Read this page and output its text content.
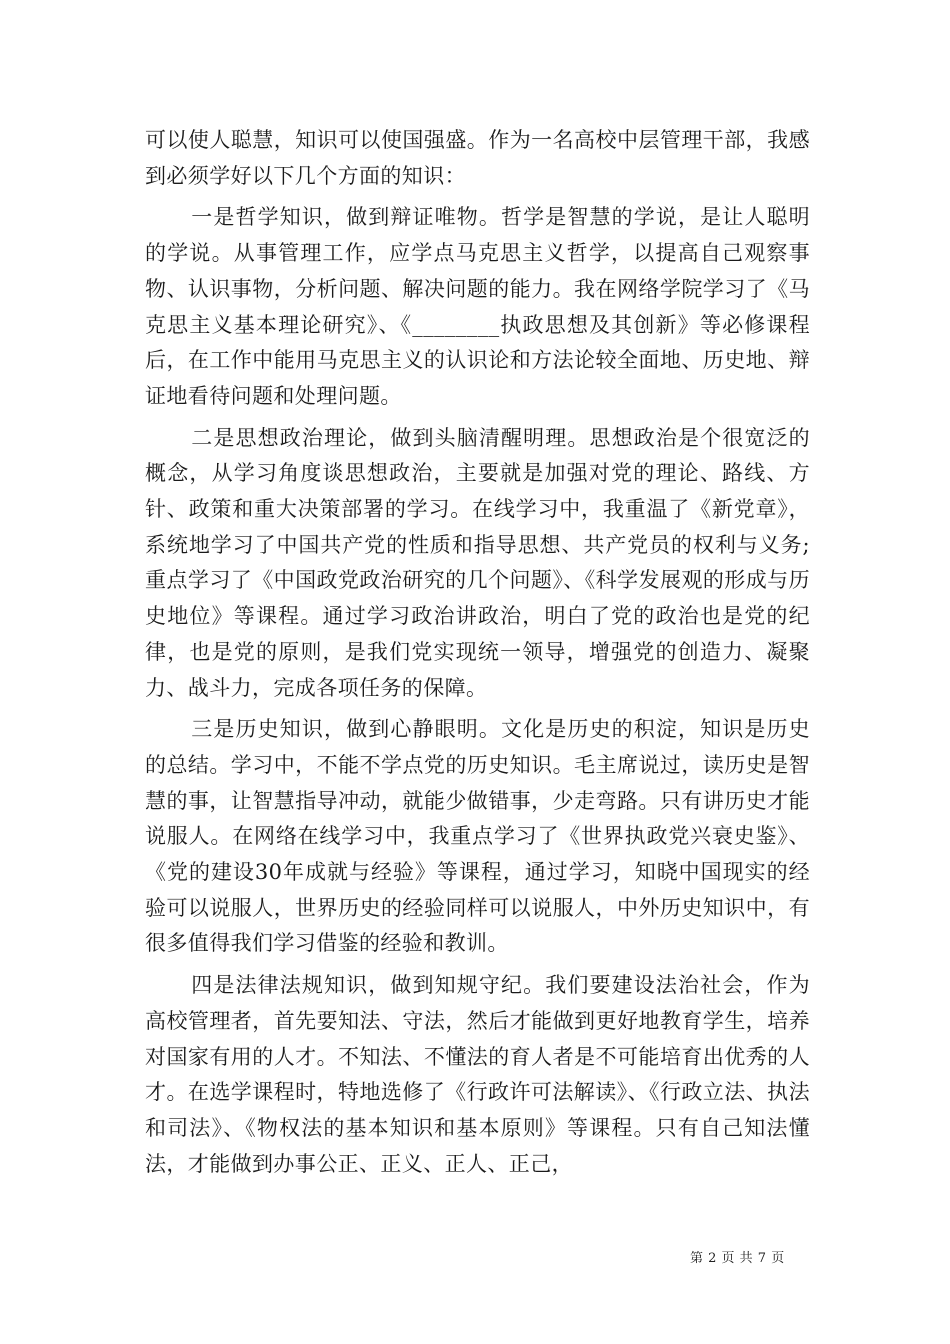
可以使人聪慧，知识可以使国强盛。作为一名高校中层管理干部，我感到必须学好以下几个方面的知识：

一是哲学知识，做到辩证唯物。哲学是智慧的学说，是让人聪明的学说。从事管理工作，应学点马克思主义哲学，以提高自己观察事物、认识事物，分析问题、解决问题的能力。我在网络学院学习了《马克思主义基本理论研究》、《________执政思想及其创新》等必修课程后，在工作中能用马克思主义的认识论和方法论较全面地、历史地、辩证地看待问题和处理问题。

二是思想政治理论，做到头脑清醒明理。思想政治是个很宽泛的概念，从学习角度谈思想政治，主要就是加强对党的理论、路线、方针、政策和重大决策部署的学习。在线学习中，我重温了《新党章》，系统地学习了中国共产党的性质和指导思想、共产党员的权利与义务;重点学习了《中国政党政治研究的几个问题》、《科学发展观的形成与历史地位》等课程。通过学习政治讲政治，明白了党的政治也是党的纪律，也是党的原则，是我们党实现统一领导，增强党的创造力、凝聚力、战斗力，完成各项任务的保障。

三是历史知识，做到心静眼明。文化是历史的积淀，知识是历史的总结。学习中，不能不学点党的历史知识。毛主席说过，读历史是智慧的事，让智慧指导冲动，就能少做错事，少走弯路。只有讲历史才能说服人。在网络在线学习中，我重点学习了《世界执政党兴衰史鉴》、《党的建设30年成就与经验》等课程，通过学习，知晓中国现实的经验可以说服人，世界历史的经验同样可以说服人，中外历史知识中，有很多值得我们学习借鉴的经验和教训。

四是法律法规知识，做到知规守纪。我们要建设法治社会，作为高校管理者，首先要知法、守法，然后才能做到更好地教育学生，培养对国家有用的人才。不知法、不懂法的育人者是不可能培育出优秀的人才。在选学课程时，特地选修了《行政许可法解读》、《行政立法、执法和司法》、《物权法的基本知识和基本原则》等课程。只有自己知法懂法，才能做到办事公正、正义、正人、正己，

第 2 页 共 7 页
